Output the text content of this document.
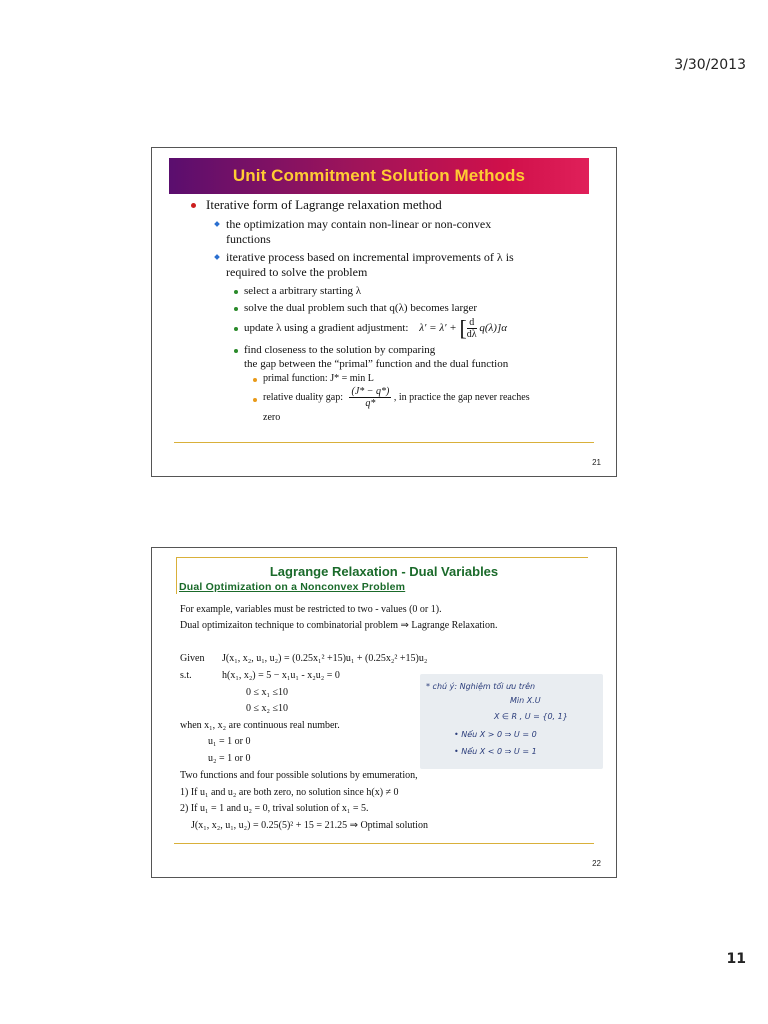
3/30/2013
Unit Commitment Solution Methods
Iterative form of Lagrange relaxation method
the optimization may contain non-linear or non-convex
functions
iterative process based on incremental improvements of λ is
required to solve the problem
select a arbitrary starting λ
solve the dual problem such that q(λ) becomes larger
update λ using a gradient adjustment: λ′ = λ′ + [ $\frac{d}{d\lambda} q(\lambda)]\alpha$
find closeness to the solution by comparing
the gap between the “primal” function and the dual function
primal function: J* = min L
relative duality gap: $\frac{(J* - q*)}{q*}$ , in practice the gap never reaches
zero
21
Lagrange Relaxation - Dual Variables
Dual Optimization on a Nonconvex Problem
For example, variables must be restricted to two - values (0 or 1).
Dual optimizaiton technique to combinatorial problem ⇒ Lagrange Relaxation.
Given J(x₁, x₂, u₁, u₂) = (0.25x₁² +15)u₁ + (0.25x₂² +15)u₂
s.t.	h(x₁, x₂) = 5 − x₁u₁ - x₂u₂ = 0
0 ≤ x₁ ≤10
0 ≤ x₂ ≤10
when x₁, x₂ are continuous real number.
u₁ = 1 or 0
u₂ = 1 or 0
Two functions and four possible solutions by emumeration,
1) If u₁ and u₂ are both zero, no solution since h(x) ≠ 0
2) If u₁ = 1 and u₂ = 0, trival solution of x₁ = 5.
J(x₁, x₂, u₁, u₂) = 0.25(5)² + 15 = 21.25 ⇒ Optimal solution
* chú ý: Nghiệm tối ưu trên
Min X.U
X ∈ R , U = {0, 1}
• Nếu X > 0 ⇒ U = 0
• Nếu X < 0 ⇒ U = 1
22
11
